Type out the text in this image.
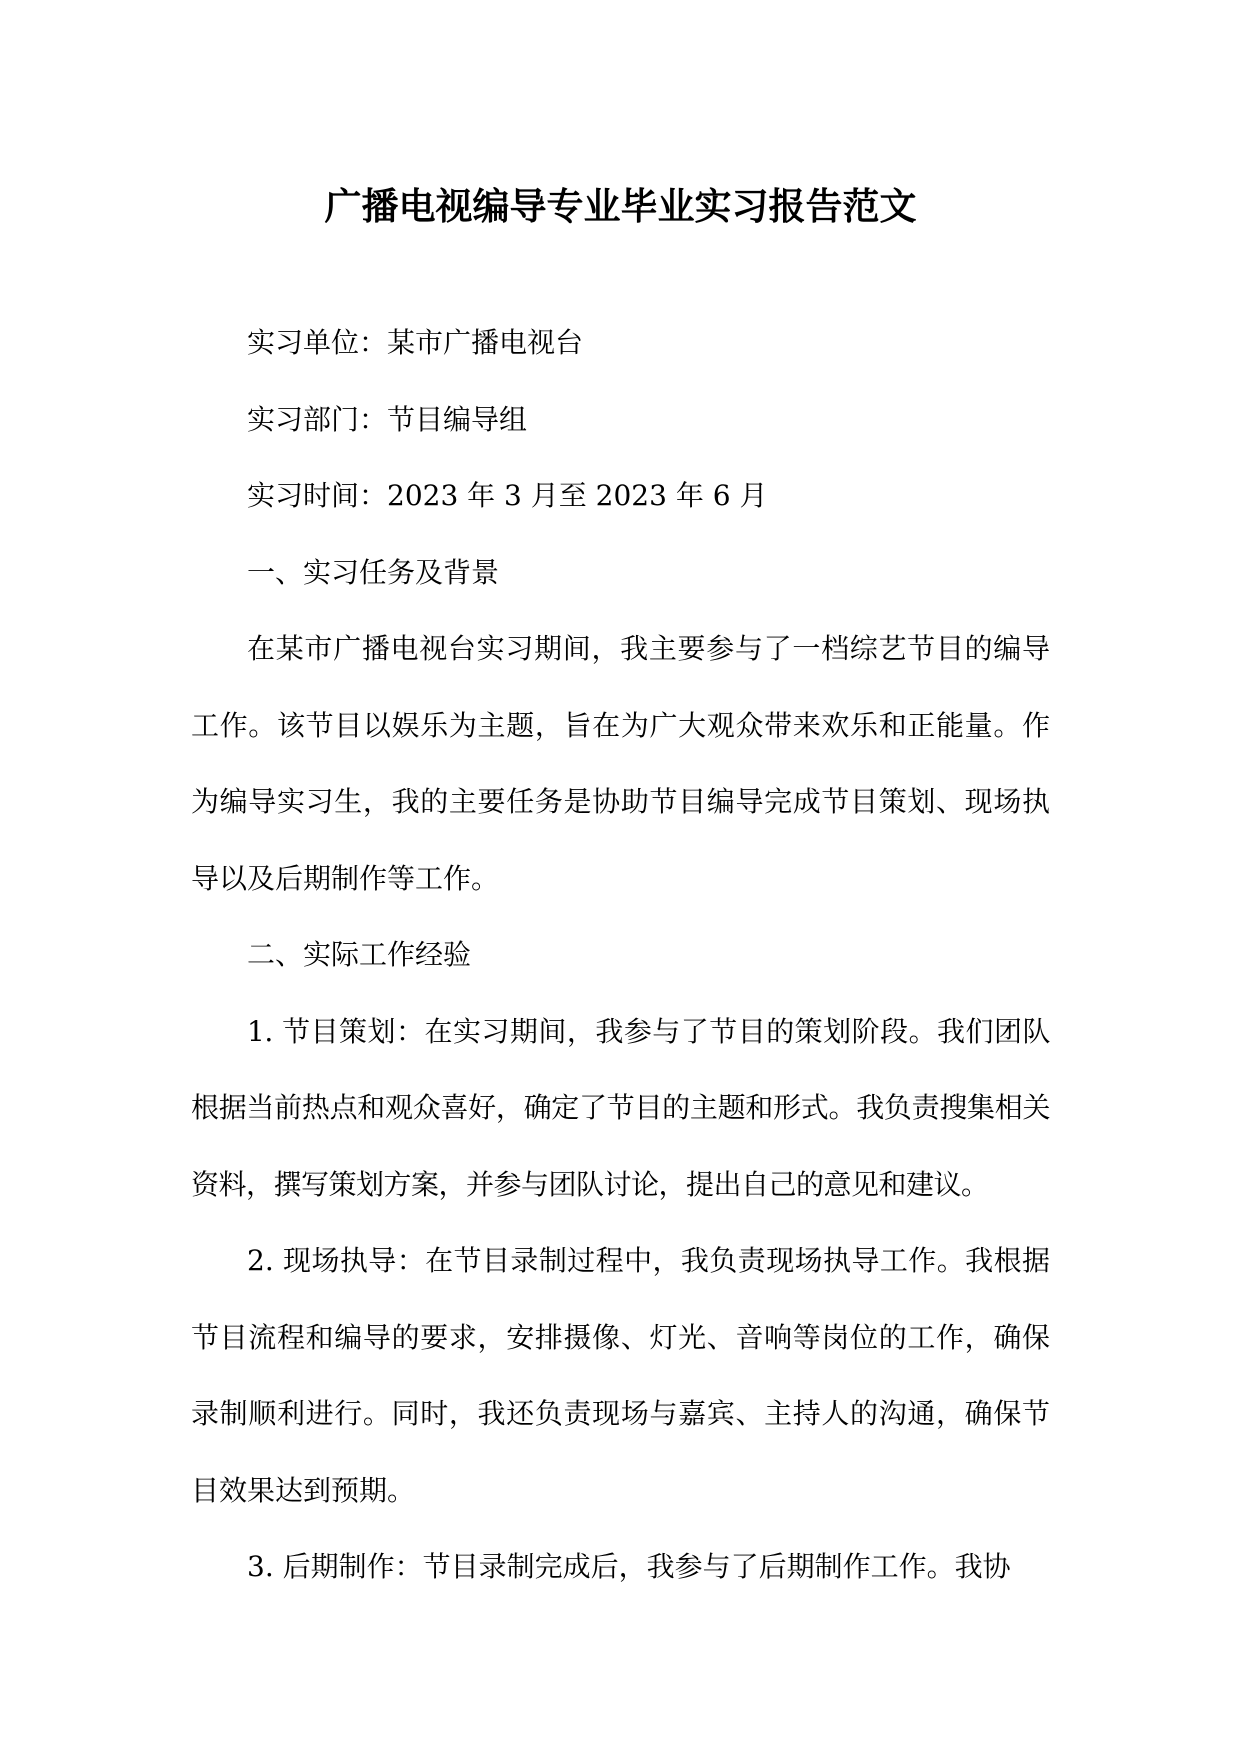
广播电视编导专业毕业实习报告范文

实习单位：某市广播电视台

实习部门：节目编导组

实习时间：2023 年 3 月至 2023 年 6 月

一、实习任务及背景

在某市广播电视台实习期间，我主要参与了一档综艺节目的编导工作。该节目以娱乐为主题，旨在为广大观众带来欢乐和正能量。作为编导实习生，我的主要任务是协助节目编导完成节目策划、现场执导以及后期制作等工作。

二、实际工作经验

1. 节目策划：在实习期间，我参与了节目的策划阶段。我们团队根据当前热点和观众喜好，确定了节目的主题和形式。我负责搜集相关资料，撰写策划方案，并参与团队讨论，提出自己的意见和建议。

2. 现场执导：在节目录制过程中，我负责现场执导工作。我根据节目流程和编导的要求，安排摄像、灯光、音响等岗位的工作，确保录制顺利进行。同时，我还负责现场与嘉宾、主持人的沟通，确保节目效果达到预期。

3. 后期制作：节目录制完成后，我参与了后期制作工作。我协
